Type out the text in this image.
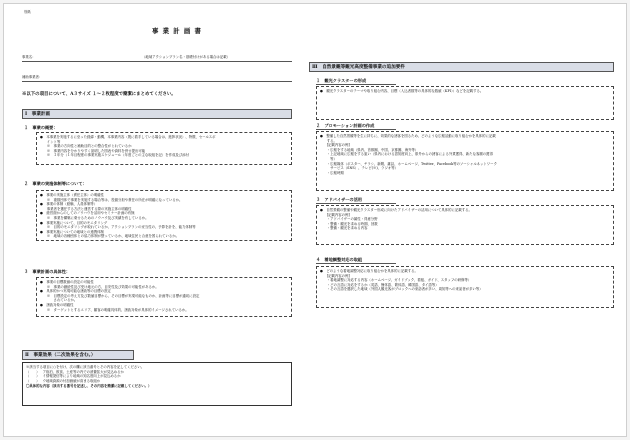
別紙
事 業 計 画 書
事業名：	（地域アクションプラン名・基礎付けがある場合は記載）
補助事業者：
※以下の項目について、A３サイズ １～２枚程度で簡潔にまとめてください。
Ⅰ　事業計画
１　事業の概要：
●　本事業を実施するに至った経緯・動機、本事業内容（既に着手している場合は、進捗状況）、特徴、セールスポ
　　イント等
　　※　事業の方向性と補助目的との整合性がとれているか
　　※　事業内容を分かりやすく説明した図表や資料を併せ提出可能
　　※　３年分（１年目程度の事業実施スケジュール（年度ごとの主な取組を記）を作成及び添付
２　事業の実施体制等について：
●　事業の実施主体（責任主体）の明確性
　　※　複数団体で事業を実施する場合等は、役割分担や責任の所在が明確になっているか。
●　事業の体制（経験、人員体制等）
　　事業者を選任する方法と運営する際の実施主体の明確性
●　経営面からのしてのノウハウを活用やセミナー計画の有無
　　※　事業を構築に乗せるためのノウハウ及び実績を有しているか。
●　事業実施について、目的のモニタリング
　　※　目的のモニタリングが取れているか、アクションプランの妥当性の、予算を計を、能力体制等
●　事業実施についての地域との連携体制
　　※　地域の各種団体との協力体制が整っているか、地域住民と合意を図られているか。
３　事業計画の具体性：
●　事業の目標数値の設定の可能性
　　※　事業の継続性及び受け地元の方、目安性及び効果の可能性があるか。
●　具体的かつ実現可能な誘致等の目標の設定
　　※　目標設定の考え方及び数値目標から、その目標が実現可能なものか、計画等に目標が適切に設定
　　　　されているか。
●　誘致対象の明確性
　　※　ターゲットとするエリア、顧客の明確具体的、誘致対象が具体的イメージされているか。
Ⅱ　事業効果（二次効果を含む。）
※該当する項目に○を付け、次の欄に該当番号とその内容を記してください。
（　　） ア宿泊、飲食、土産等の内での消費拡大が見込めるか
（　　） イ情報発信等により地域の知名度向上が見込めるか
（　　） ウ地域資源の付加価値が高まる取組か
〇具体的な内容（該当する番号を記述し、その内容を簡潔に記載してください。）
Ⅲ　自然景観等観光高度整備事業の追加要件
１　観光クラスターの形成
●　観光クラスターのテーマや取り組む内容、目標（入込者数等の具体的な数値（KPI））などを記載する。
２　プロモーション計画の作成
●　整備した自然景観等を生に持ちに、効果的な誘客を図るため、どのような広報活動に取り組むかを具体的に記載
　　する。
　　[記載内容の例]
　　・広報をする地域（県内、首都圏、中国、京都圏、海外等）
　　・上記地域に広報をする狙い（県内における認知度向上、県外からの誘客による外貨獲得、新たな客層の獲得
　　　等）
　　・広報媒体（ポスター、チラシ、新聞、雑誌、ホームページ、Twitter、Facebook等のソーシャルネットワーク
　　　サービス（SNS）、テレビ(※)、ラジオ等）
　　・広報時期
３　アドバイザーの活用
●　自然景観の整備や観光クラスター形成に向けたアドバイザーの活用について具体的に記載する。
　　[記載内容の例]
　　・アドバイザーの属性・得意分野
　　・整備・観光を求める時期、回数
　　・整備・観光を求める内容
４　着地調整対応の取組
●　どのような着地調整対応に取り組むかを具体的に記載する。
　　[記載内容の例]
　　・着地調整に対応する内容（ホームページ、ガイドブック、看板、ガイド、スタッフの研修等）
　　・どの言語に対応をするか（英語、簡体語、繁体語、韓国語、タイ語等）
　　・その言語を選択した地域（外国人観光客がブロックへの来訪者が多い、周知等への来訪者が多い等）
